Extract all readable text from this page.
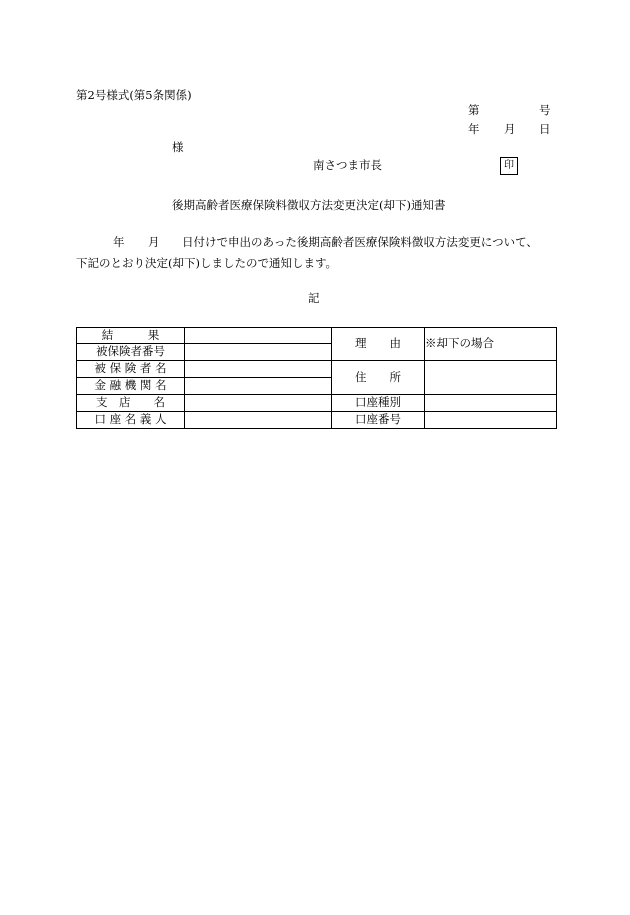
第2号様式(第5条関係)
第	号
年 月 日
様
南さつま市長	印
後期高齢者医療保険料徴収方法変更決定(却下)通知書
年 月 日付けで申出のあった後期高齢者医療保険料徴収方法変更について、
下記のとおり決定(却下)しましたので通知します。
記
結　　　果		理　　由	※却下の場合
被保険者番号			
被 保 険 者 名		住　　所	
金 融 機 関 名			
支　店　　名		口座種別	
口 座 名 義 人		口座番号	
